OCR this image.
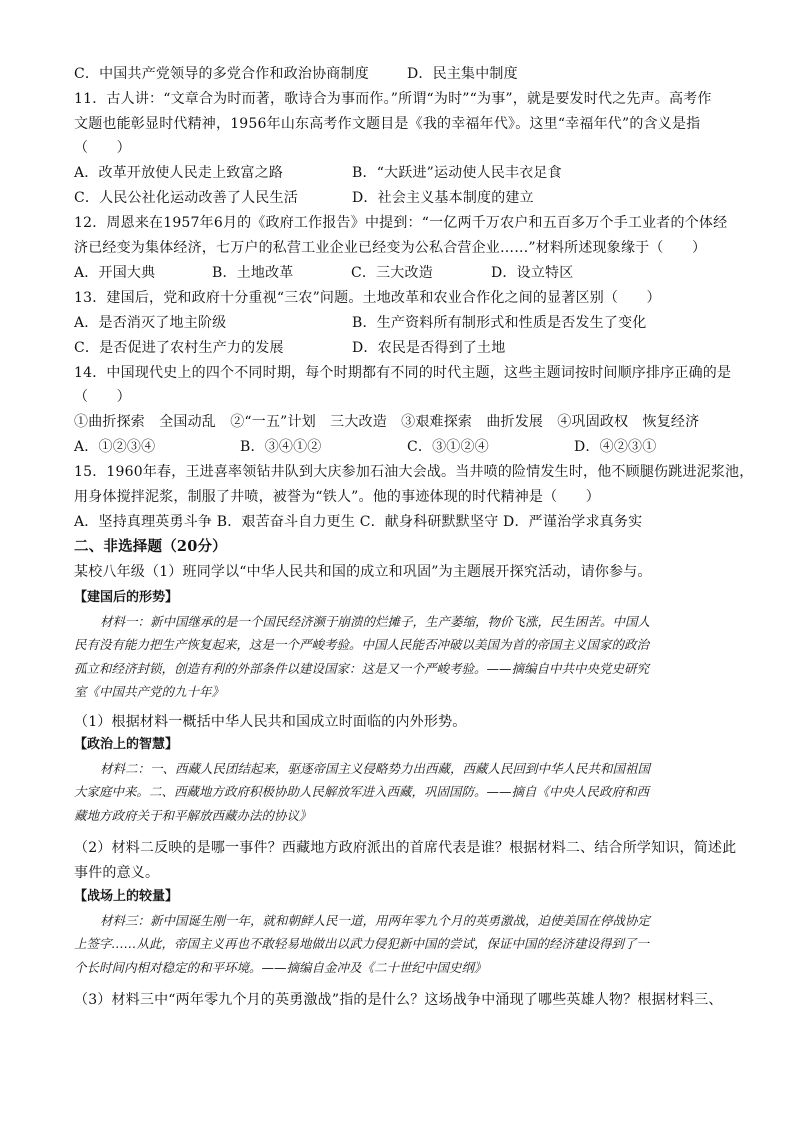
C．中国共产党领导的多党合作和政治协商制度	D．民主集中制度
11．古人讲：“文章合为时而著，歌诗合为事而作。”所谓“为时”“为事”，就是要发时代之先声。高考作
文题也能彰显时代精神，1956年山东高考作文题目是《我的幸福年代》。这里“幸福年代”的含义是指
（　　）
A．改革开放使人民走上致富之路	B．“大跃进”运动使人民丰衣足食
C．人民公社化运动改善了人民生活	D．社会主义基本制度的建立
12．周恩来在1957年6月的《政府工作报告》中提到：“一亿两千万农户和五百多万个手工业者的个体经
济已经变为集体经济，七万户的私营工业企业已经变为公私合营企业……”材料所述现象缘于（　　）
A．开国大典	B．土地改革	C．三大改造	D．设立特区
13．建国后，党和政府十分重视“三农”问题。土地改革和农业合作化之间的显著区别（　　）
A．是否消灭了地主阶级	B．生产资料所有制形式和性质是否发生了变化
C．是否促进了农村生产力的发展	D．农民是否得到了土地
14．中国现代史上的四个不同时期，每个时期都有不同的时代主题，这些主题词按时间顺序排序正确的是
（　　）
①曲折探索　全国动乱　②“一五”计划　三大改造　③艰难探索　曲折发展　④巩固政权　恢复经济
A．①②③④	B．③④①②	C．③①②④	D．④②③①
15．1960年春，王进喜率领钻井队到大庆参加石油大会战。当井喷的险情发生时，他不顾腿伤跳进泥浆池，
用身体搅拌泥浆，制服了井喷，被誉为“铁人”。他的事迹体现的时代精神是（　　）
A．坚持真理英勇斗争 B．艰苦奋斗自力更生 C．献身科研默默坚守 D．严谨治学求真务实
二、非选择题（20分）
某校八年级（1）班同学以“中华人民共和国的成立和巩固”为主题展开探究活动，请你参与。
【建国后的形势】
材料一：新中国继承的是一个国民经济濒于崩溃的烂摊子，生产萎缩，物价飞涨，民生困苦。中国人
民有没有能力把生产恢复起来，这是一个严峻考验。中国人民能否冲破以美国为首的帝国主义国家的政治
孤立和经济封锁，创造有利的外部条件以建设国家：这是又一个严峻考验。——摘编自中共中央党史研究
室《中国共产党的九十年》
（1）根据材料一概括中华人民共和国成立时面临的内外形势。
【政治上的智慧】
材料二：一、西藏人民团结起来，驱逐帝国主义侵略势力出西藏，西藏人民回到中华人民共和国祖国
大家庭中来。二、西藏地方政府积极协助人民解放军进入西藏，巩固国防。——摘自《中央人民政府和西
藏地方政府关于和平解放西藏办法的协议》
（2）材料二反映的是哪一事件？西藏地方政府派出的首席代表是谁？根据材料二、结合所学知识，简述此
事件的意义。
【战场上的较量】
材料三：新中国诞生刚一年，就和朝鲜人民一道，用两年零九个月的英勇激战，迫使美国在停战协定
上签字……从此，帝国主义再也不敢轻易地做出以武力侵犯新中国的尝试，保证中国的经济建设得到了一
个长时间内相对稳定的和平环境。——摘编自金冲及《二十世纪中国史纲》
（3）材料三中“两年零九个月的英勇激战”指的是什么？这场战争中涌现了哪些英雄人物？根据材料三、
